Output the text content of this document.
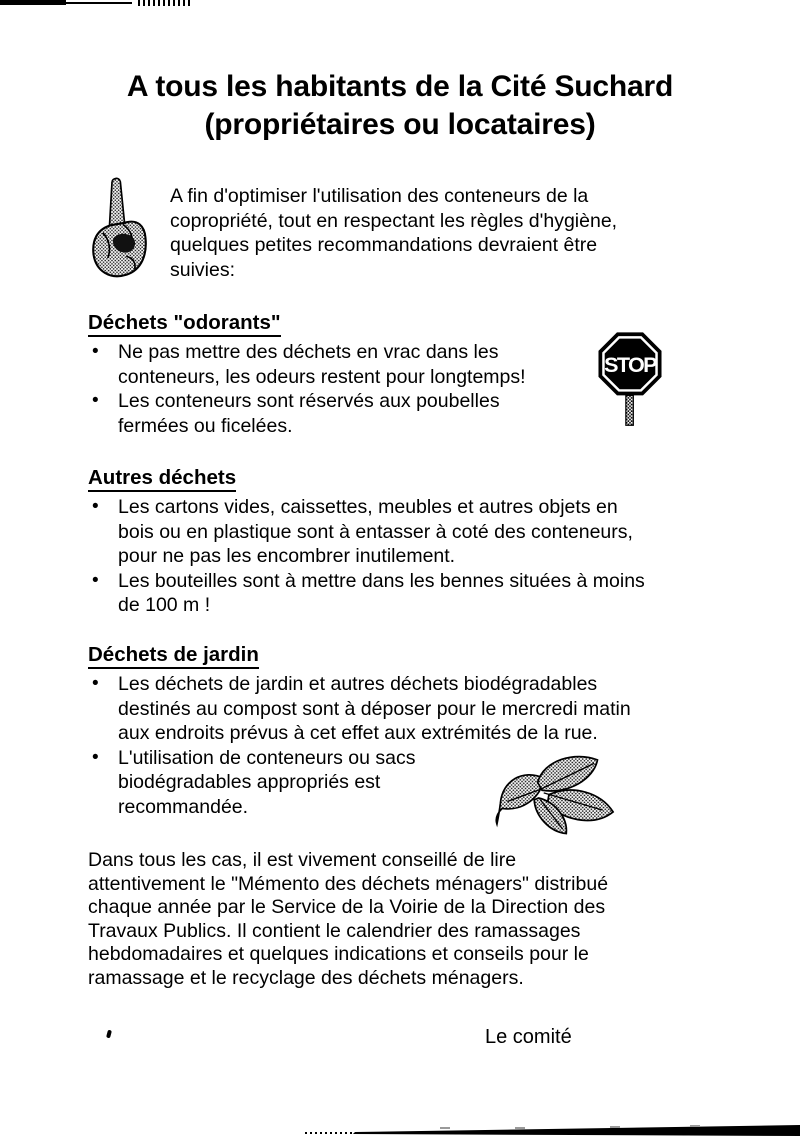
A tous les habitants de la Cité Suchard
(propriétaires ou locataires)
A fin d'optimiser l'utilisation des conteneurs de la
copropriété, tout en respectant les règles d'hygiène,
quelques petites recommandations devraient être
suivies:
Déchets "odorants"
• Ne pas mettre des déchets en vrac dans les
conteneurs, les odeurs restent pour longtemps!
• Les conteneurs sont réservés aux poubelles
fermées ou ficelées.
STOP
Autres déchets
• Les cartons vides, caissettes, meubles et autres objets en
bois ou en plastique sont à entasser à coté des conteneurs,
pour ne pas les encombrer inutilement.
• Les bouteilles sont à mettre dans les bennes situées à moins
de 100 m !
Déchets de jardin
• Les déchets de jardin et autres déchets biodégradables
destinés au compost sont à déposer pour le mercredi matin
aux endroits prévus à cet effet aux extrémités de la rue.
• L'utilisation de conteneurs ou sacs
biodégradables appropriés est
recommandée.
Dans tous les cas, il est vivement conseillé de lire
attentivement le "Mémento des déchets ménagers" distribué
chaque année par le Service de la Voirie de la Direction des
Travaux Publics. Il contient le calendrier des ramassages
hebdomadaires et quelques indications et conseils pour le
ramassage et le recyclage des déchets ménagers.
Le comité
